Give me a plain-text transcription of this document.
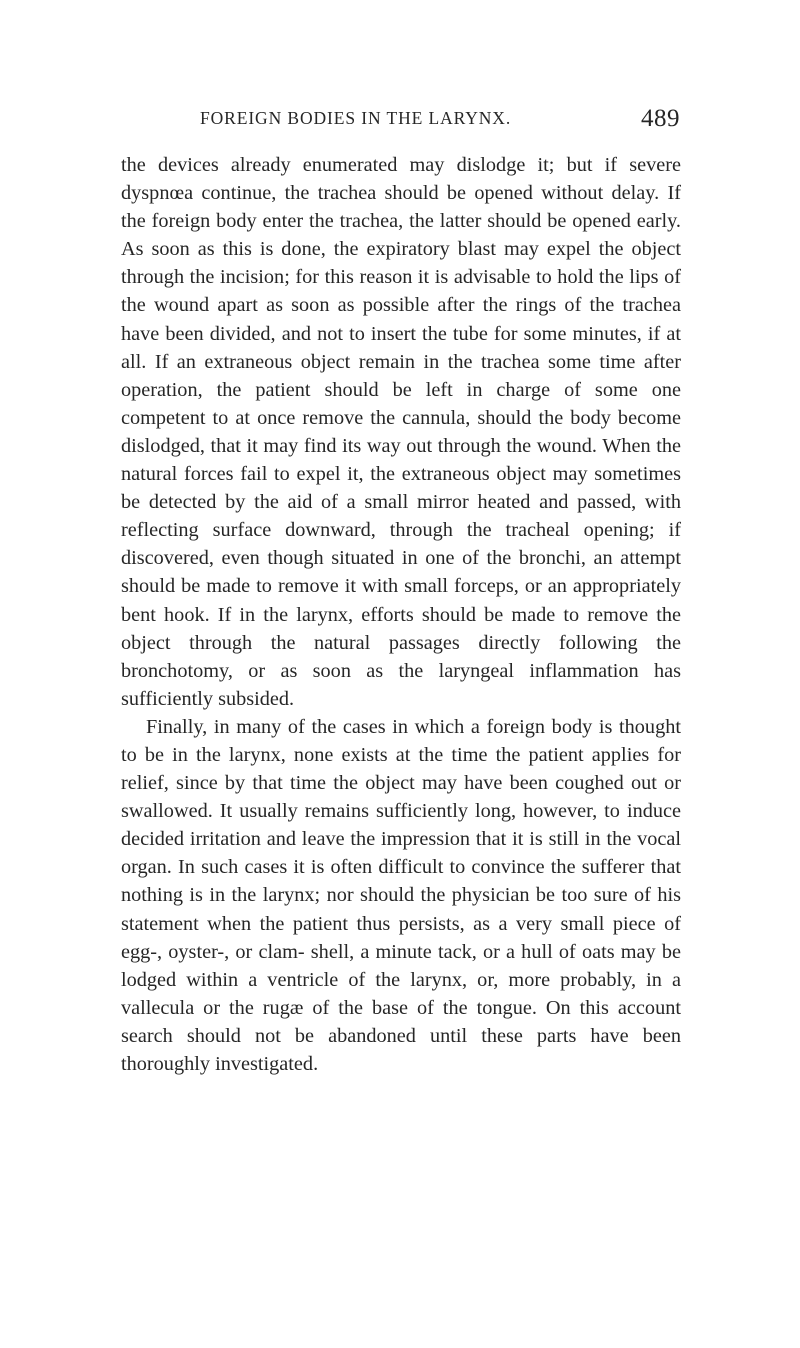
FOREIGN BODIES IN THE LARYNX.	489

the devices already enumerated may dislodge it; but if severe dyspnœa continue, the trachea should be opened without delay. If the foreign body enter the trachea, the latter should be opened early. As soon as this is done, the expiratory blast may expel the object through the incision; for this reason it is advisable to hold the lips of the wound apart as soon as possible after the rings of the trachea have been divided, and not to insert the tube for some minutes, if at all. If an extraneous object remain in the trachea some time after operation, the patient should be left in charge of some one competent to at once remove the cannula, should the body become dislodged, that it may find its way out through the wound. When the natural forces fail to expel it, the extraneous object may sometimes be detected by the aid of a small mirror heated and passed, with reflecting surface downward, through the tracheal opening; if discovered, even though situated in one of the bronchi, an attempt should be made to remove it with small forceps, or an appropriately bent hook. If in the larynx, efforts should be made to remove the object through the natural passages directly following the bronchotomy, or as soon as the laryngeal inflammation has sufficiently subsided.

Finally, in many of the cases in which a foreign body is thought to be in the larynx, none exists at the time the patient applies for relief, since by that time the object may have been coughed out or swallowed. It usually remains sufficiently long, however, to induce decided irritation and leave the impression that it is still in the vocal organ. In such cases it is often difficult to convince the sufferer that nothing is in the larynx; nor should the physician be too sure of his statement when the patient thus persists, as a very small piece of egg-, oyster-, or clam- shell, a minute tack, or a hull of oats may be lodged within a ventricle of the larynx, or, more probably, in a vallecula or the rugæ of the base of the tongue. On this account search should not be abandoned until these parts have been thoroughly investigated.
